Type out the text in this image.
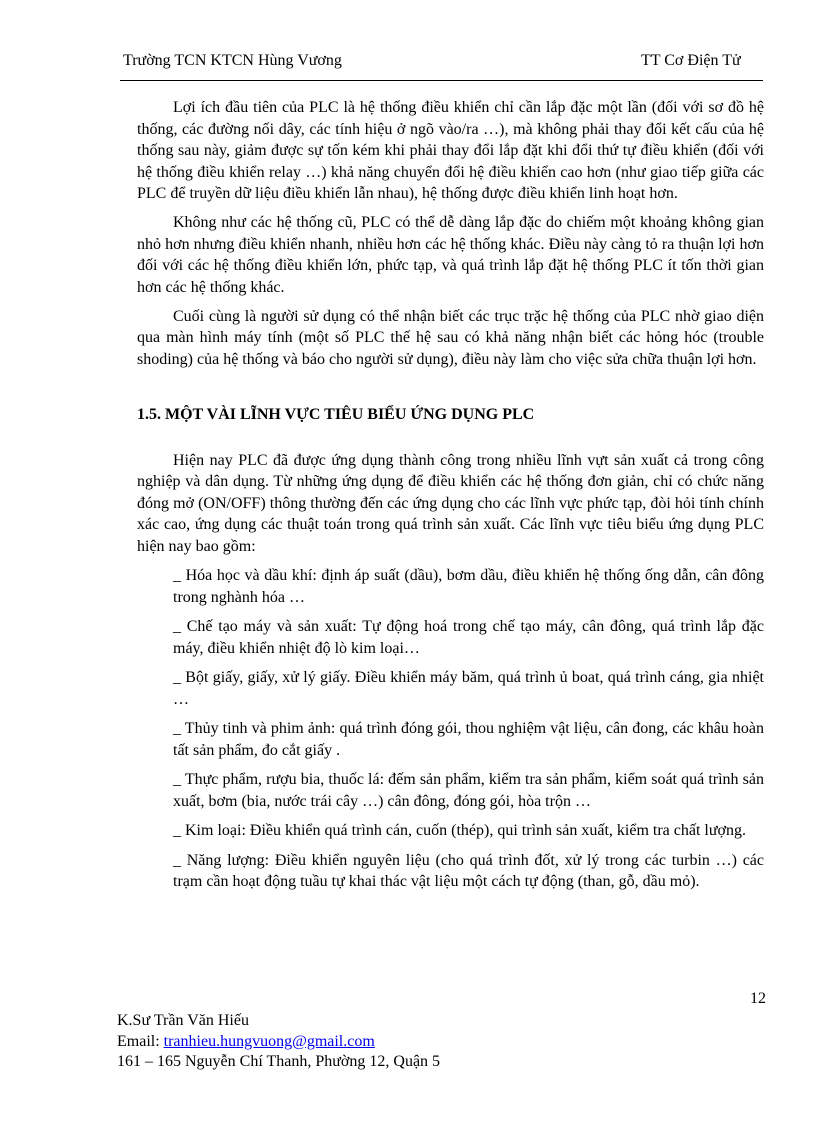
Trường TCN KTCN Hùng Vương	TT Cơ Điện Tử

Lợi ích đầu tiên của PLC là hệ thống điều khiển chỉ cần lắp đặc một lần (đối với sơ đồ hệ thống, các đường nối dây, các tính hiệu ở ngõ vào/ra …), mà không phải thay đổi kết cấu của hệ thống sau này, giảm được sự tốn kém khi phải thay đổi lắp đặt khi đổi thứ tự điều khiển (đối với hệ thống điều khiển relay …) khả năng chuyển đổi hệ điều khiển cao hơn (như giao tiếp giữa các PLC để truyền dữ liệu điều khiển lẫn nhau), hệ thống được điều khiển linh hoạt hơn.

Không như các hệ thống cũ, PLC có thể dễ dàng lắp đặc do chiếm một khoảng không gian nhỏ hơn nhưng điều khiển nhanh, nhiều hơn các hệ thống khác. Điều này càng tỏ ra thuận lợi hơn đối với các hệ thống điều khiển lớn, phức tạp, và quá trình lắp đặt hệ thống PLC ít tốn thời gian hơn các hệ thống khác.

Cuối cùng là người sử dụng có thể nhận biết các trục trặc hệ thống của PLC nhờ giao diện qua màn hình máy tính (một số PLC thế hệ sau có khả năng nhận biết các hỏng hóc (trouble shoding) của hệ thống và báo cho người sử dụng), điều này làm cho việc sửa chữa thuận lợi hơn.

1.5. MỘT VÀI LĨNH VỰC TIÊU BIỂU ỨNG DỤNG PLC

Hiện nay PLC đã được ứng dụng thành công trong nhiều lĩnh vựt sản xuất cả trong công nghiệp và dân dụng. Từ những ứng dụng để điều khiển các hệ thống đơn giản, chỉ có chức năng đóng mở (ON/OFF) thông thường đến các ứng dụng cho các lĩnh vực phức tạp, đòi hỏi tính chính xác cao, ứng dụng các thuật toán trong quá trình sản xuất. Các lĩnh vực tiêu biểu ứng dụng PLC hiện nay bao gồm:

_ Hóa học và dầu khí: định áp suất (dầu), bơm dầu, điều khiển hệ thống ống dẫn, cân đông trong nghành hóa …

_ Chế tạo máy và sản xuất: Tự động hoá trong chế tạo máy, cân đông, quá trình lắp đặc máy, điều khiển nhiệt độ lò kim loại…

_ Bột giấy, giấy, xử lý giấy. Điều khiển máy băm, quá trình ủ boat, quá trình cáng, gia nhiệt …

_ Thủy tinh và phim ảnh: quá trình đóng gói, thou nghiệm vật liệu, cân đong, các khâu hoàn tất sản phẩm, đo cắt giấy .

_ Thực phẩm, rượu bia, thuốc lá: đếm sản phẩm, kiểm tra sản phẩm, kiểm soát quá trình sản xuất, bơm (bia, nước trái cây …) cân đông, đóng gói, hòa trộn …

_ Kim loại: Điều khiển quá trình cán, cuốn (thép), qui trình sản xuất, kiểm tra chất lượng.

_ Năng lượng: Điều khiển nguyên liệu (cho quá trình đốt, xử lý trong các turbin …) các trạm cần hoạt động tuầu tự khai thác vật liệu một cách tự động (than, gỗ, dầu mỏ).

12
K.Sư Trần Văn Hiếu
Email: tranhieu.hungvuong@gmail.com
161 – 165 Nguyễn Chí Thanh, Phường 12, Quận 5
